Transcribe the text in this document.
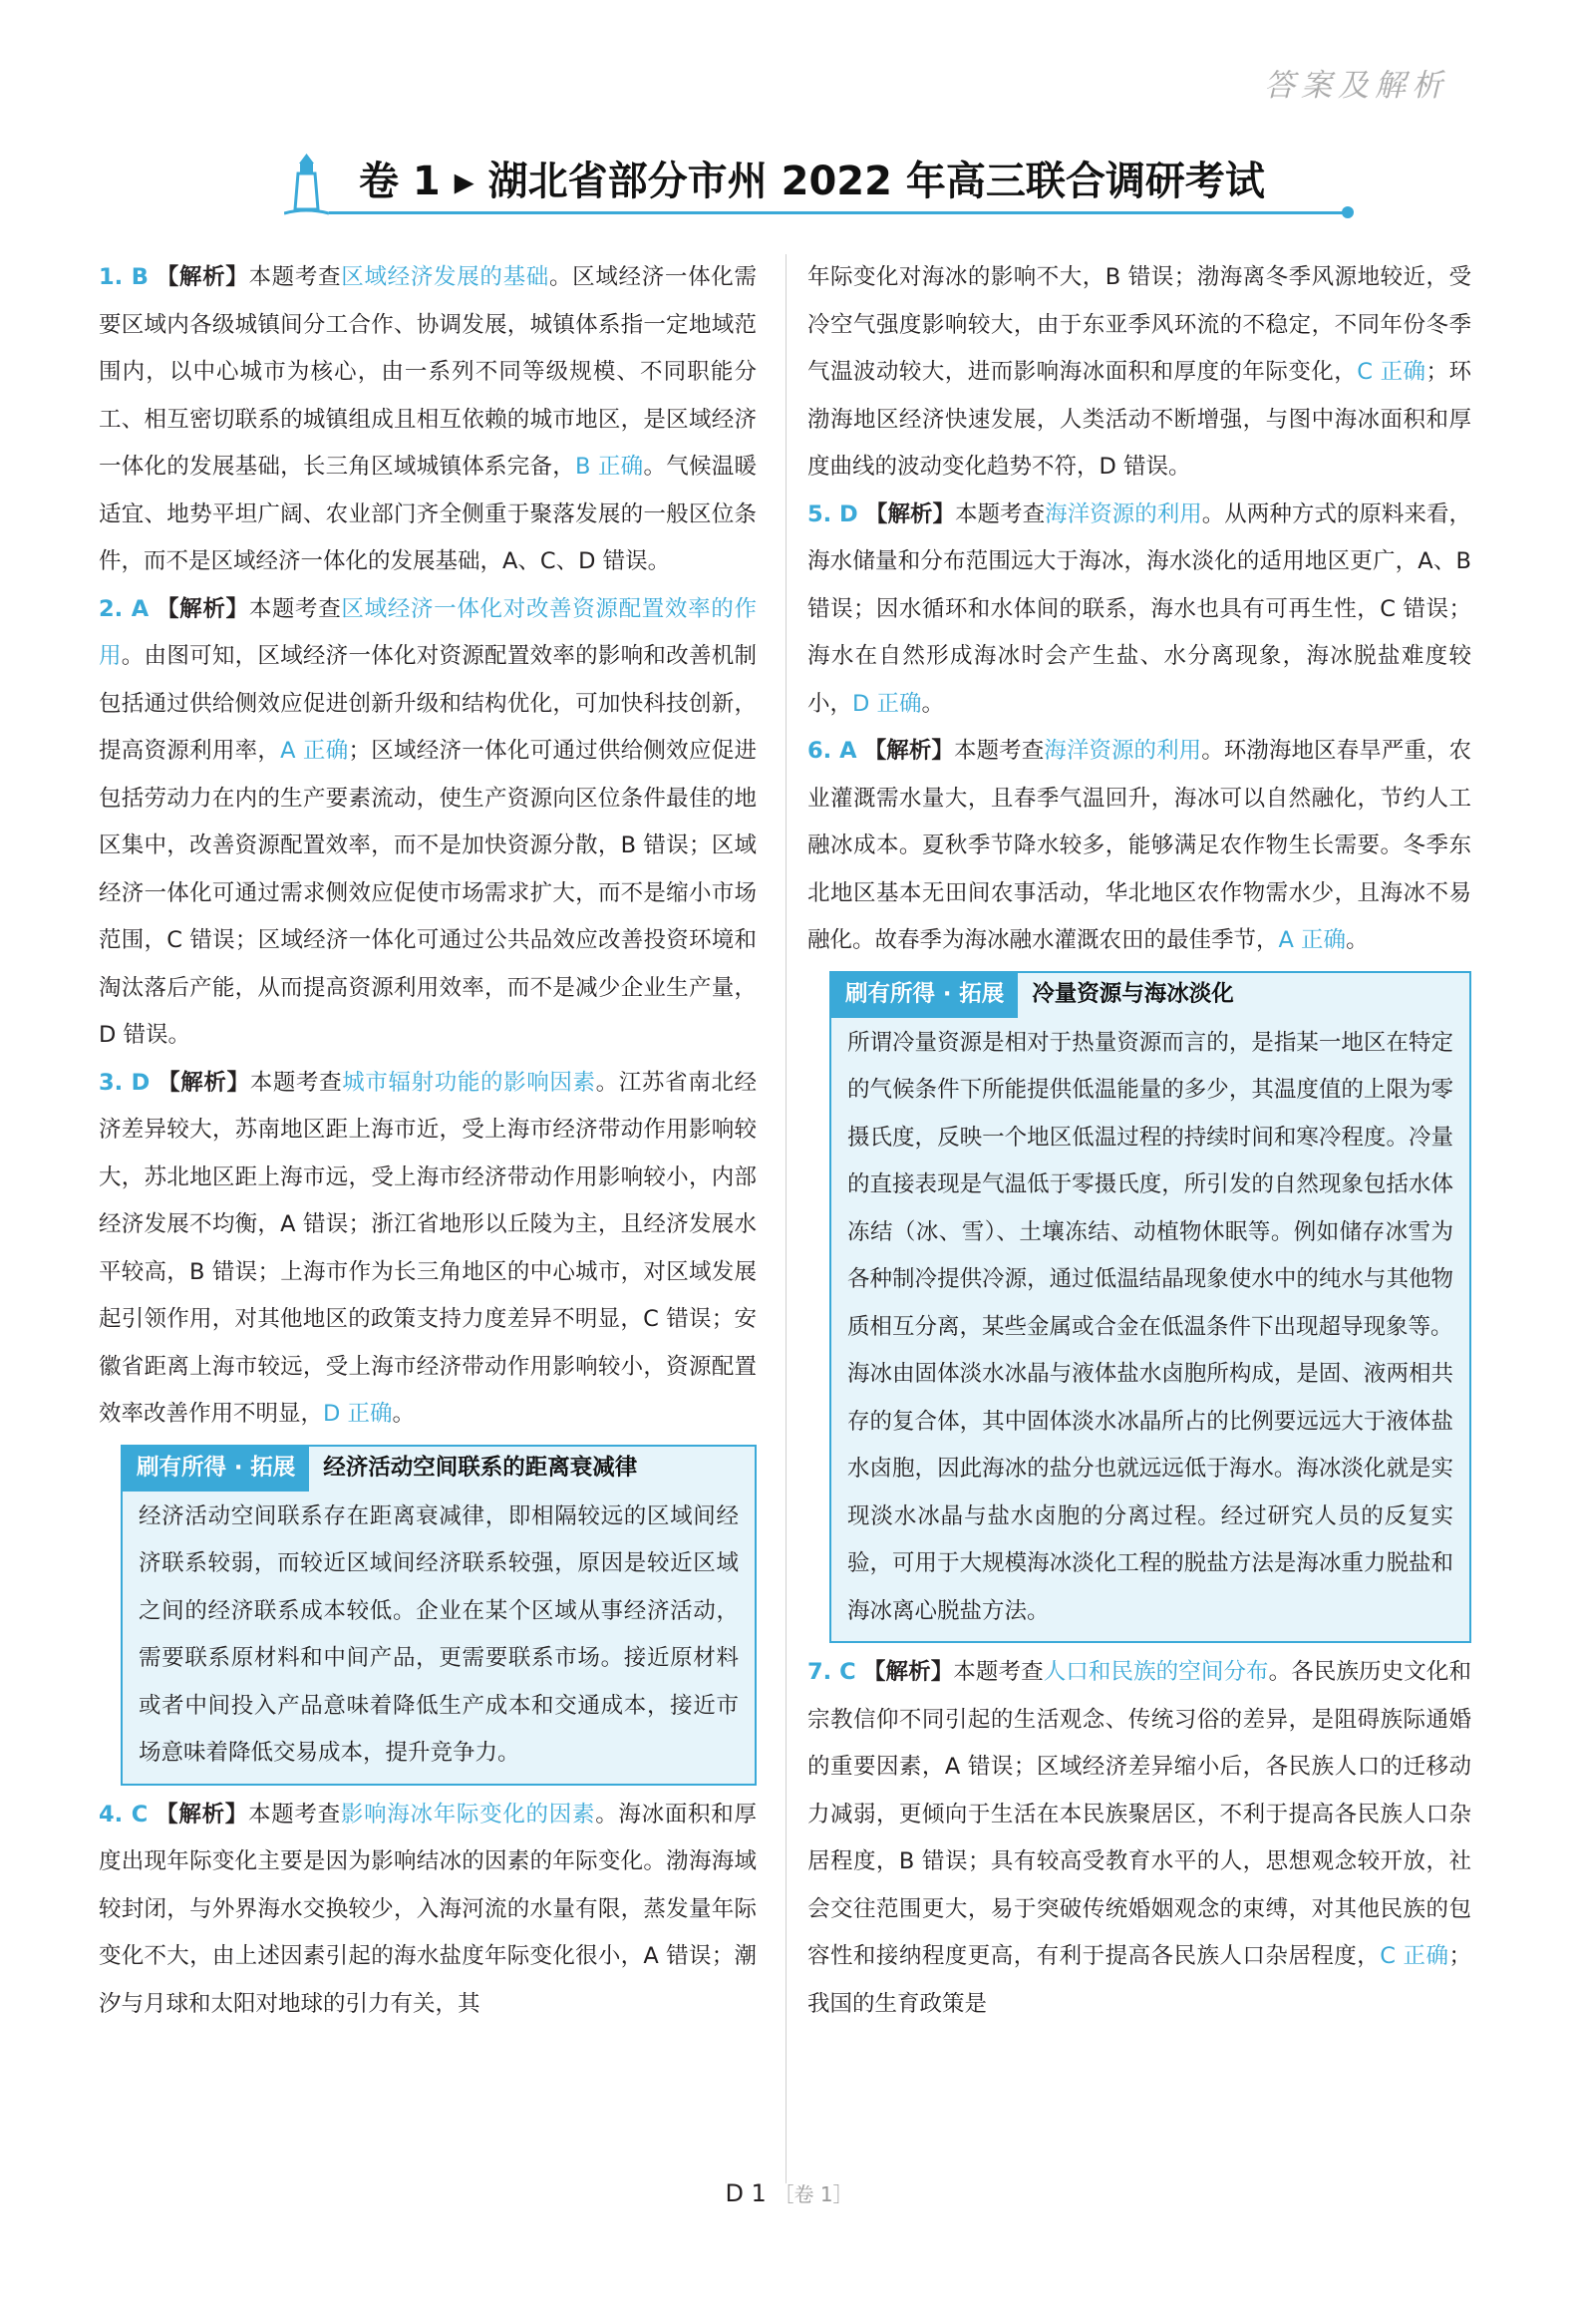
答案及解析
卷 1 ▸ 湖北省部分市州 2022 年高三联合调研考试

1. B 【解析】本题考查区域经济发展的基础。区域经济一体化需要区域内各级城镇间分工合作、协调发展，城镇体系指一定地域范围内，以中心城市为核心，由一系列不同等级规模、不同职能分工、相互密切联系的城镇组成且相互依赖的城市地区，是区域经济一体化的发展基础，长三角区域城镇体系完备，B 正确。气候温暖适宜、地势平坦广阔、农业部门齐全侧重于聚落发展的一般区位条件，而不是区域经济一体化的发展基础，A、C、D 错误。

2. A 【解析】本题考查区域经济一体化对改善资源配置效率的作用。由图可知，区域经济一体化对资源配置效率的影响和改善机制包括通过供给侧效应促进创新升级和结构优化，可加快科技创新，提高资源利用率，A 正确；区域经济一体化可通过供给侧效应促进包括劳动力在内的生产要素流动，使生产资源向区位条件最佳的地区集中，改善资源配置效率，而不是加快资源分散，B 错误；区域经济一体化可通过需求侧效应促使市场需求扩大，而不是缩小市场范围，C 错误；区域经济一体化可通过公共品效应改善投资环境和淘汰落后产能，从而提高资源利用效率，而不是减少企业生产量，D 错误。

3. D 【解析】本题考查城市辐射功能的影响因素。江苏省南北经济差异较大，苏南地区距上海市近，受上海市经济带动作用影响较大，苏北地区距上海市远，受上海市经济带动作用影响较小，内部经济发展不均衡，A 错误；浙江省地形以丘陵为主，且经济发展水平较高，B 错误；上海市作为长三角地区的中心城市，对区域发展起引领作用，对其他地区的政策支持力度差异不明显，C 错误；安徽省距离上海市较远，受上海市经济带动作用影响较小，资源配置效率改善作用不明显，D 正确。

刷有所得 · 拓展	经济活动空间联系的距离衰减律
经济活动空间联系存在距离衰减律，即相隔较远的区域间经济联系较弱，而较近区域间经济联系较强，原因是较近区域之间的经济联系成本较低。企业在某个区域从事经济活动，需要联系原材料和中间产品，更需要联系市场。接近原材料或者中间投入产品意味着降低生产成本和交通成本，接近市场意味着降低交易成本，提升竞争力。

4. C 【解析】本题考查影响海冰年际变化的因素。海冰面积和厚度出现年际变化主要是因为影响结冰的因素的年际变化。渤海海域较封闭，与外界海水交换较少，入海河流的水量有限，蒸发量年际变化不大，由上述因素引起的海水盐度年际变化很小，A 错误；潮汐与月球和太阳对地球的引力有关，其

年际变化对海冰的影响不大，B 错误；渤海离冬季风源地较近，受冷空气强度影响较大，由于东亚季风环流的不稳定，不同年份冬季气温波动较大，进而影响海冰面积和厚度的年际变化，C 正确；环渤海地区经济快速发展，人类活动不断增强，与图中海冰面积和厚度曲线的波动变化趋势不符，D 错误。

5. D 【解析】本题考查海洋资源的利用。从两种方式的原料来看，海水储量和分布范围远大于海冰，海水淡化的适用地区更广，A、B 错误；因水循环和水体间的联系，海水也具有可再生性，C 错误；海水在自然形成海冰时会产生盐、水分离现象，海冰脱盐难度较小，D 正确。

6. A 【解析】本题考查海洋资源的利用。环渤海地区春旱严重，农业灌溉需水量大，且春季气温回升，海冰可以自然融化，节约人工融冰成本。夏秋季节降水较多，能够满足农作物生长需要。冬季东北地区基本无田间农事活动，华北地区农作物需水少，且海冰不易融化。故春季为海冰融水灌溉农田的最佳季节，A 正确。

刷有所得 · 拓展	冷量资源与海冰淡化

所谓冷量资源是相对于热量资源而言的，是指某一地区在特定的气候条件下所能提供低温能量的多少，其温度值的上限为零摄氏度，反映一个地区低温过程的持续时间和寒冷程度。冷量的直接表现是气温低于零摄氏度，所引发的自然现象包括水体冻结（冰、雪）、土壤冻结、动植物休眠等。例如储存冰雪为各种制冷提供冷源，通过低温结晶现象使水中的纯水与其他物质相互分离，某些金属或合金在低温条件下出现超导现象等。

海冰由固体淡水冰晶与液体盐水卤胞所构成，是固、液两相共存的复合体，其中固体淡水冰晶所占的比例要远远大于液体盐水卤胞，因此海冰的盐分也就远远低于海水。海冰淡化就是实现淡水冰晶与盐水卤胞的分离过程。经过研究人员的反复实验，可用于大规模海冰淡化工程的脱盐方法是海冰重力脱盐和海冰离心脱盐方法。

7. C 【解析】本题考查人口和民族的空间分布。各民族历史文化和宗教信仰不同引起的生活观念、传统习俗的差异，是阻碍族际通婚的重要因素，A 错误；区域经济差异缩小后，各民族人口的迁移动力减弱，更倾向于生活在本民族聚居区，不利于提高各民族人口杂居程度，B 错误；具有较高受教育水平的人，思想观念较开放，社会交往范围更大，易于突破传统婚姻观念的束缚，对其他民族的包容性和接纳程度更高，有利于提高各民族人口杂居程度，C 正确；我国的生育政策是

D 1 ［卷 1］
